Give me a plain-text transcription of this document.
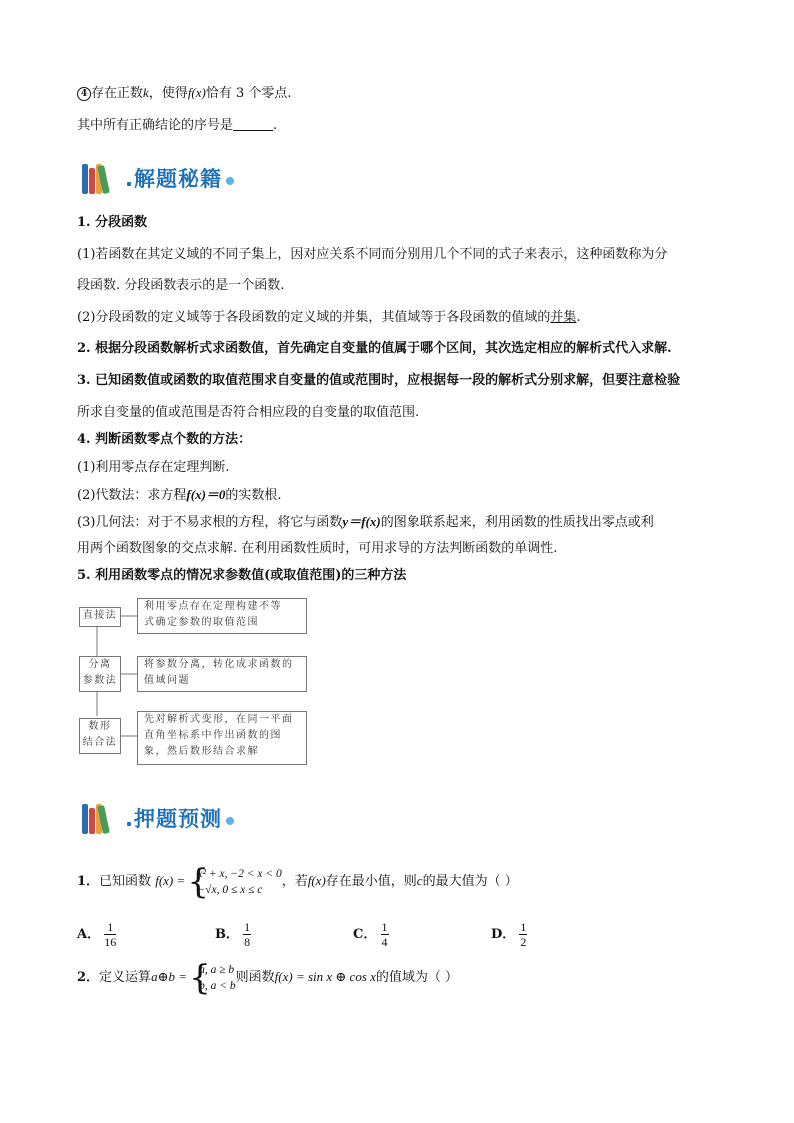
4 存在正数k，使得f(x)恰有 3 个零点.
其中所有正确结论的序号是	.
.解题秘籍
1. 分段函数
(1)若函数在其定义域的不同子集上，因对应关系不同而分别用几个不同的式子来表示，这种函数称为分
段函数. 分段函数表示的是一个函数.
(2)分段函数的定义域等于各段函数的定义域的并集，其值域等于各段函数的值域的并集.
2. 根据分段函数解析式求函数值，首先确定自变量的值属于哪个区间，其次选定相应的解析式代入求解.
3. 已知函数值或函数的取值范围求自变量的值或范围时，应根据每一段的解析式分别求解，但要注意检验
所求自变量的值或范围是否符合相应段的自变量的取值范围.
4. 判断函数零点个数的方法：
(1)利用零点存在定理判断.
(2)代数法：求方程f(x)＝0的实数根.
(3)几何法：对于不易求根的方程，将它与函数y＝f(x)的图象联系起来，利用函数的性质找出零点或利
用两个函数图象的交点求解. 在利用函数性质时，可用求导的方法判断函数的单调性.
5. 利用函数零点的情况求参数值(或取值范围)的三种方法
直接法
利用零点存在定理构建不等
式确定参数的取值范围
分离
参数法
将参数分离，转化成求函数的
值域问题
数形
结合法
先对解析式变形，在同一平面
直角坐标系中作出函数的图
象，然后数形结合求解
.押题预测
1．已知函数 f(x) = { x² + x, −2 < x < 0
−√x, 0 ≤ x ≤ c
，若f(x)存在最小值，则c的最大值为（ ）
A． $\frac{1}{16}$	B． $\frac{1}{8}$	C． $\frac{1}{4}$	D． $\frac{1}{2}$
2．定义运算a⊕b = { a, a ≥ b
b, a < b
则函数f(x) = sin x ⊕ cos x的值域为（ ）
